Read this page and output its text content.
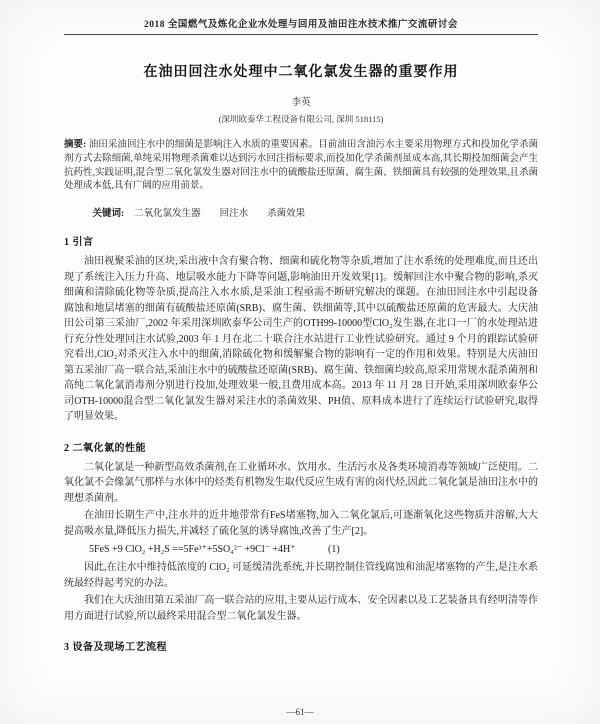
2018 全国燃气及炼化企业水处理与回用及油田注水技术推广交流研讨会
在油田回注水处理中二氧化氯发生器的重要作用
李英
(深圳欧泰华工程设备有限公司, 深圳 518115)

摘要: 油田采油回注水中的细菌是影响注入水质的重要因素。目前油田含油污水主要采用物理方式和投加化学杀菌剂方式去除细菌,单纯采用物理杀菌难以达到污水回注指标要求,而投加化学杀菌剂虽成本高,其长期投加细菌会产生抗药性,实践证明,混合型二氧化氯发生器对回注水中的硫酸盐还原菌、腐生菌、铁细菌具有较强的处理效果,且杀菌处理成本低,具有广阔的应用前景。

关键词: 二氧化氯发生器　　回注水　　杀菌效果

1 引言

油田视聚采油的区块,采出液中含有聚合物、细菌和硫化物等杂质,增加了注水系统的处理难度,而且还出现了系统注入压力升高、地层吸水能力下降等问题,影响油田开发效果[1]。缓解回注水中聚合物的影响,杀灭细菌和清除硫化物等杂质,提高注入水水质,是采油工程亟需不断研究解决的课题。在油田回注水中引起设备腐蚀和地层堵塞的细菌有硫酸盐还原菌(SRB)、腐生菌、铁细菌等,其中以硫酸盐还原菌的危害最大。大庆油田公司第三采油厂,2002 年采用深圳欧泰华公司生产的OTH99-10000型ClO₂发生器,在北口一厂的水处理站进行充分性处理回注水试验,2003 年 1 月在北二十联合注水站进行工业性试验研究。通过 9 个月的跟踪试验研究看出,ClO₂对杀灭注入水中的细菌,消除硫化物和缓解聚合物的影响有一定的作用和效果。特别是大庆油田第五采油厂高一联合站,采油注水中的硫酸盐还原菌(SRB)、腐生菌、铁细菌均较高,原采用常规水混杀菌剂和高纯二氧化氯消毒剂分别进行投加,处理效果一般,且费用成本高。2013 年 11 月 28 日开始,采用深圳欧泰华公司OTH-10000混合型二氧化氯发生器对采注水的杀菌效果、PH值、原料成本进行了连续运行试验研究,取得了明显效果。

2 二氧化氯的性能

二氧化氯是一种新型高效杀菌剂,在工业循环水、饮用水、生活污水及各类环境消毒等领域广泛使用。二氧化氯不会像氯气那样与水体中的烃类有机物发生取代反应生成有害的卤代烃,因此二氧化氯是油田注水中的理想杀菌剂。

在油田长期生产中,注水井的近井地带常有FeS堵塞物,加入二氧化氯后,可逐渐氧化这些物质并溶解,大大提高吸水量,降低压力损失,并减轻了硫化氢的诱导腐蚀,改善了生产[2]。

5FeS +9 ClO₂ +H₂S ==5Fe³⁺+5SO₄²⁻ +9Cl⁻ +4H⁺	(1)

因此,在注水中维持低浓度的 ClO₂ 可延缓清洗系统,并长期控制住管线腐蚀和油泥堵塞物的产生,是注水系统最经得起考究的办法。

我们在大庆油田第五采油厂高一联合站的应用,主要从运行成本、安全因素以及工艺装备具有经明清等作用方面进行试验,所以最终采用混合型二氧化氯发生器。

3 设备及现场工艺流程
—61—
